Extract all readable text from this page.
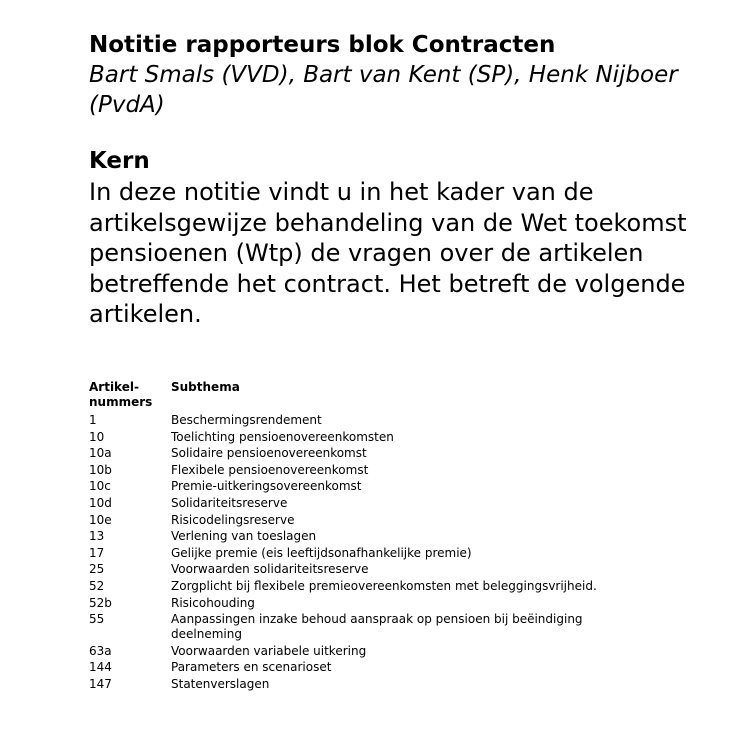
Notitie rapporteurs blok Contracten

Bart Smals (VVD), Bart van Kent (SP), Henk Nijboer (PvdA)

Kern

In deze notitie vindt u in het kader van de artikelsgewijze behandeling van de Wet toekomst pensioenen (Wtp) de vragen over de artikelen betreffende het contract. Het betreft de volgende artikelen.

Artikel-
nummers	Subthema
1	Beschermingsrendement
10	Toelichting pensioenovereenkomsten
10a	Solidaire pensioenovereenkomst
10b	Flexibele pensioenovereenkomst
10c	Premie-uitkeringsovereenkomst
10d	Solidariteitsreserve
10e	Risicodelingsreserve
13	Verlening van toeslagen
17	Gelijke premie (eis leeftijdsonafhankelijke premie)
25	Voorwaarden solidariteitsreserve
52	Zorgplicht bij flexibele premieovereenkomsten met beleggingsvrijheid.
52b	Risicohouding
55	Aanpassingen inzake behoud aanspraak op pensioen bij beëindiging deelneming
63a	Voorwaarden variabele uitkering
144	Parameters en scenarioset
147	Statenverslagen
